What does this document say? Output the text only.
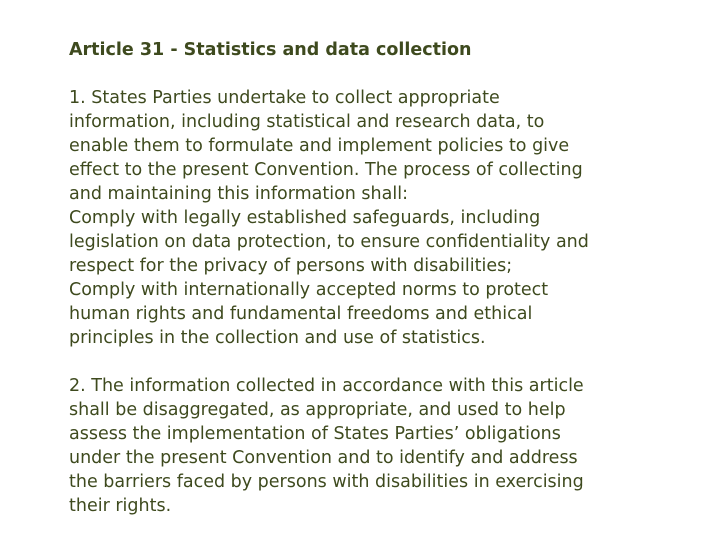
Article 31 - Statistics and data collection
1. States Parties undertake to collect appropriate
information, including statistical and research data, to
enable them to formulate and implement policies to give
effect to the present Convention. The process of collecting
and maintaining this information shall:
Comply with legally established safeguards, including
legislation on data protection, to ensure confidentiality and
respect for the privacy of persons with disabilities;
Comply with internationally accepted norms to protect
human rights and fundamental freedoms and ethical
principles in the collection and use of statistics.
2. The information collected in accordance with this article
shall be disaggregated, as appropriate, and used to help
assess the implementation of States Parties’ obligations
under the present Convention and to identify and address
the barriers faced by persons with disabilities in exercising
their rights.
